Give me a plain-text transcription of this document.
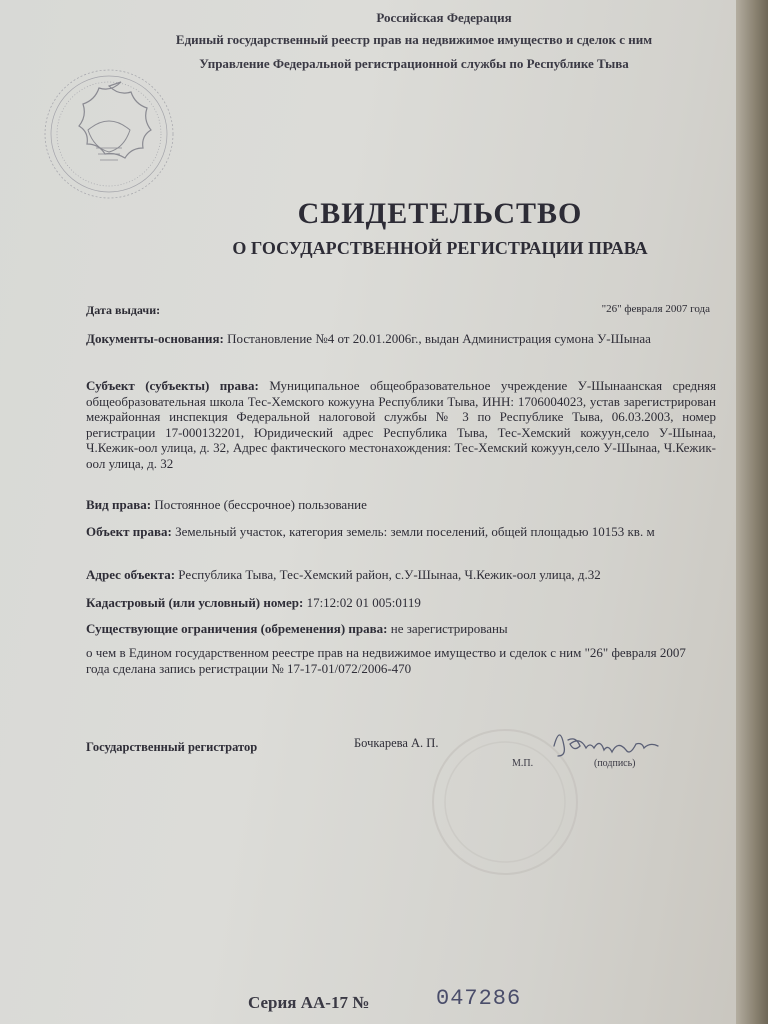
Российская Федерация
Единый государственный реестр прав на недвижимое имущество и сделок с ним
Управление Федеральной регистрационной службы по Республике Тыва
СВИДЕТЕЛЬСТВО
О ГОСУДАРСТВЕННОЙ РЕГИСТРАЦИИ ПРАВА
Дата выдачи:	"26" февраля 2007 года
Документы-основания: Постановление №4 от 20.01.2006г., выдан Администрация сумона У-Шынаа
Субъект (субъекты) права: Муниципальное общеобразовательное учреждение У-Шынаанская средняя общеобразовательная школа Тес-Хемского кожууна Республики Тыва, ИНН: 1706004023, устав зарегистрирован межрайонная инспекция Федеральной налоговой службы № 3 по Республике Тыва, 06.03.2003, номер регистрации 17-000132201, Юридический адрес Республика Тыва, Тес-Хемский кожуун,село У-Шынаа, Ч.Кежик-оол улица, д. 32, Адрес фактического местонахождения: Тес-Хемский кожуун,село У-Шынаа, Ч.Кежик-оол улица, д. 32
Вид права: Постоянное (бессрочное) пользование
Объект права: Земельный участок, категория земель: земли поселений, общей площадью 10153 кв. м
Адрес объекта: Республика Тыва, Тес-Хемский район, с.У-Шынаа, Ч.Кежик-оол улица, д.32
Кадастровый (или условный) номер: 17:12:02 01 005:0119
Существующие ограничения (обременения) права: не зарегистрированы
о чем в Едином государственном реестре прав на недвижимое имущество и сделок с ним "26" февраля 2007 года сделана запись регистрации № 17-17-01/072/2006-470
Государственный регистратор	Бочкарева А. П.
М.П.	(подпись)
Серия АА-17 №	047286
